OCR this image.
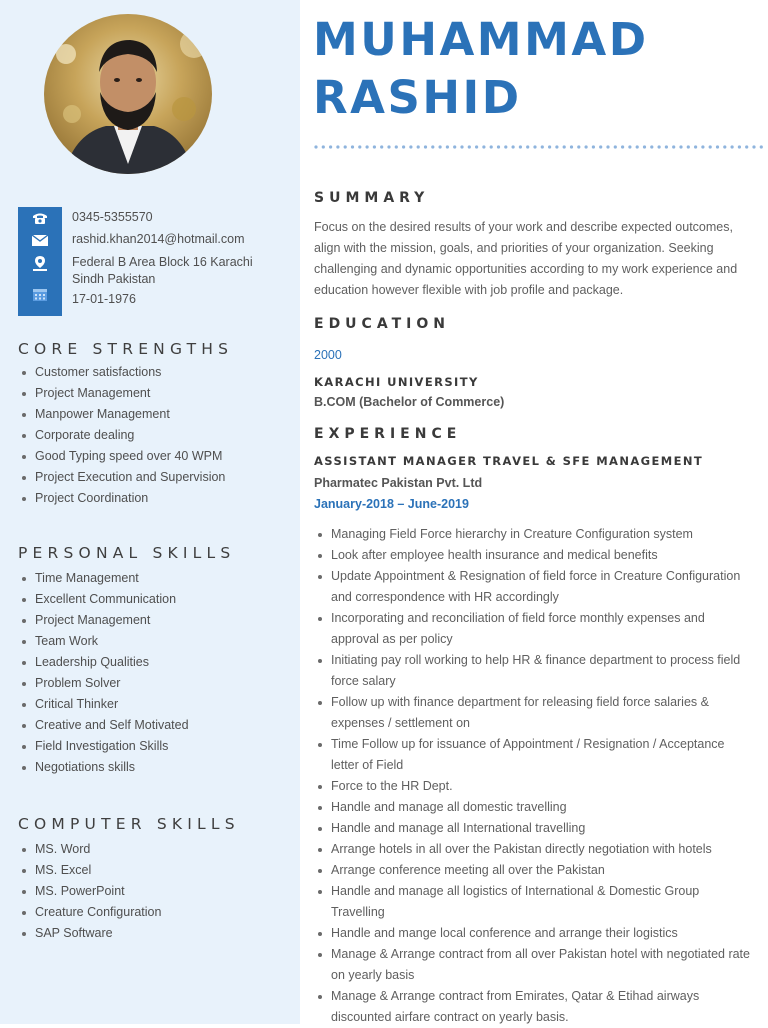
0345-5355570
rashid.khan2014@hotmail.com
Federal B Area Block 16 Karachi
Sindh Pakistan
17-01-1976
CORE STRENGTHS
Customer satisfactions
Project Management
Manpower Management
Corporate dealing
Good Typing speed over 40 WPM
Project Execution and Supervision
Project Coordination
PERSONAL SKILLS
Time Management
Excellent Communication
Project Management
Team Work
Leadership Qualities
Problem Solver
Critical Thinker
Creative and Self Motivated
Field Investigation Skills
Negotiations skills
COMPUTER SKILLS
MS. Word
MS. Excel
MS. PowerPoint
Creature Configuration
SAP Software
MUHAMMAD
RASHID
SUMMARY
Focus on the desired results of your work and describe expected outcomes, align with the mission, goals, and priorities of your organization. Seeking challenging and dynamic opportunities according to my work experience and education however flexible with job profile and package.
EDUCATION
2000
KARACHI UNIVERSITY
B.COM (Bachelor of Commerce)
EXPERIENCE
ASSISTANT MANAGER TRAVEL & SFE MANAGEMENT
Pharmatec Pakistan Pvt. Ltd
January-2018 – June-2019
Managing Field Force hierarchy in Creature Configuration system
Look after employee health insurance and medical benefits
Update Appointment & Resignation of field force in Creature Configuration and correspondence with HR accordingly
Incorporating and reconciliation of field force monthly expenses and approval as per policy
Initiating pay roll working to help HR & finance department to process field force salary
Follow up with finance department for releasing field force salaries & expenses / settlement on
Time Follow up for issuance of Appointment / Resignation / Acceptance letter of Field
Force to the HR Dept.
Handle and manage all domestic travelling
Handle and manage all International travelling
Arrange hotels in all over the Pakistan directly negotiation with hotels
Arrange conference meeting all over the Pakistan
Handle and manage all logistics of International & Domestic Group Travelling
Handle and mange local conference and arrange their logistics
Manage & Arrange contract from all over Pakistan hotel with negotiated rate on yearly basis
Manage & Arrange contract from Emirates, Qatar & Etihad airways discounted airfare contract on yearly basis.
